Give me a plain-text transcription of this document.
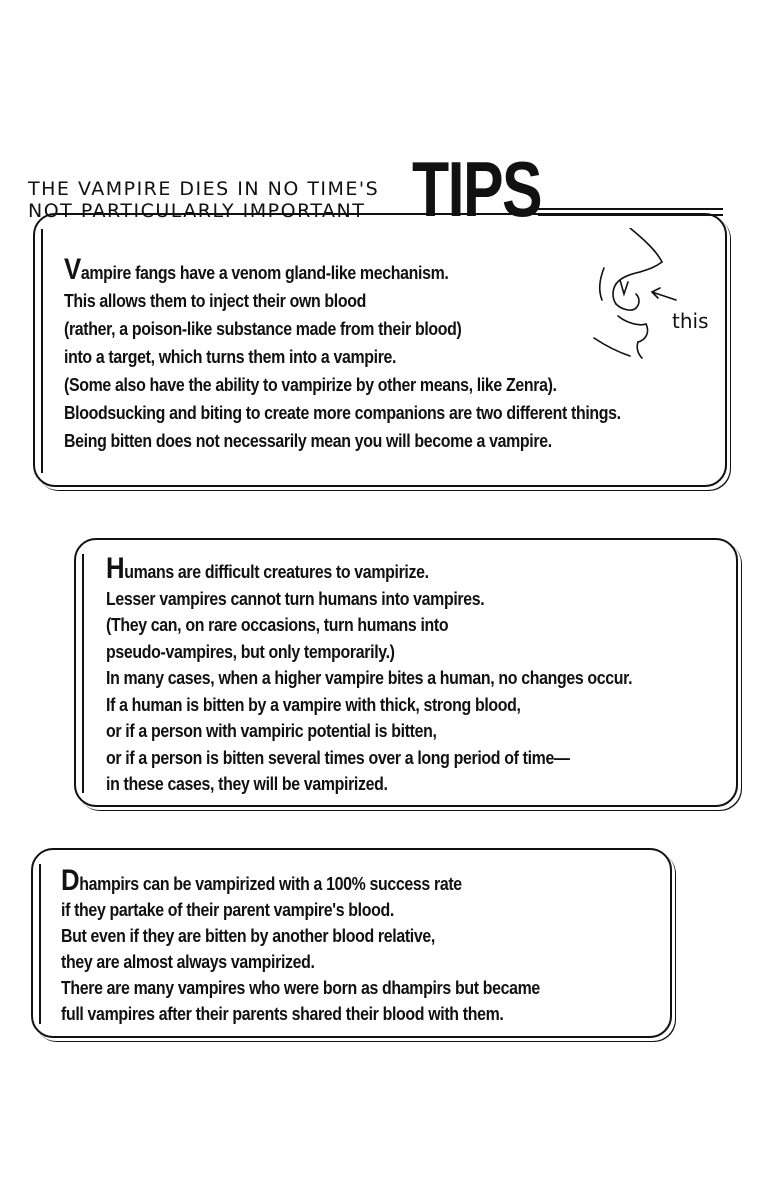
THE VAMPIRE DIES IN NO TIME'S
NOT PARTICULARLY IMPORTANT TIPS
Vampire fangs have a venom gland-like mechanism.
This allows them to inject their own blood
(rather, a poison-like substance made from their blood)
into a target, which turns them into a vampire.
(Some also have the ability to vampirize by other means, like Zenra).
Bloodsucking and biting to create more companions are two different things.
Being bitten does not necessarily mean you will become a vampire.
this
Humans are difficult creatures to vampirize.
Lesser vampires cannot turn humans into vampires.
(They can, on rare occasions, turn humans into
pseudo-vampires, but only temporarily.)
In many cases, when a higher vampire bites a human, no changes occur.
If a human is bitten by a vampire with thick, strong blood,
or if a person with vampiric potential is bitten,
or if a person is bitten several times over a long period of time—
in these cases, they will be vampirized.
Dhampirs can be vampirized with a 100% success rate
if they partake of their parent vampire's blood.
But even if they are bitten by another blood relative,
they are almost always vampirized.
There are many vampires who were born as dhampirs but became
full vampires after their parents shared their blood with them.
